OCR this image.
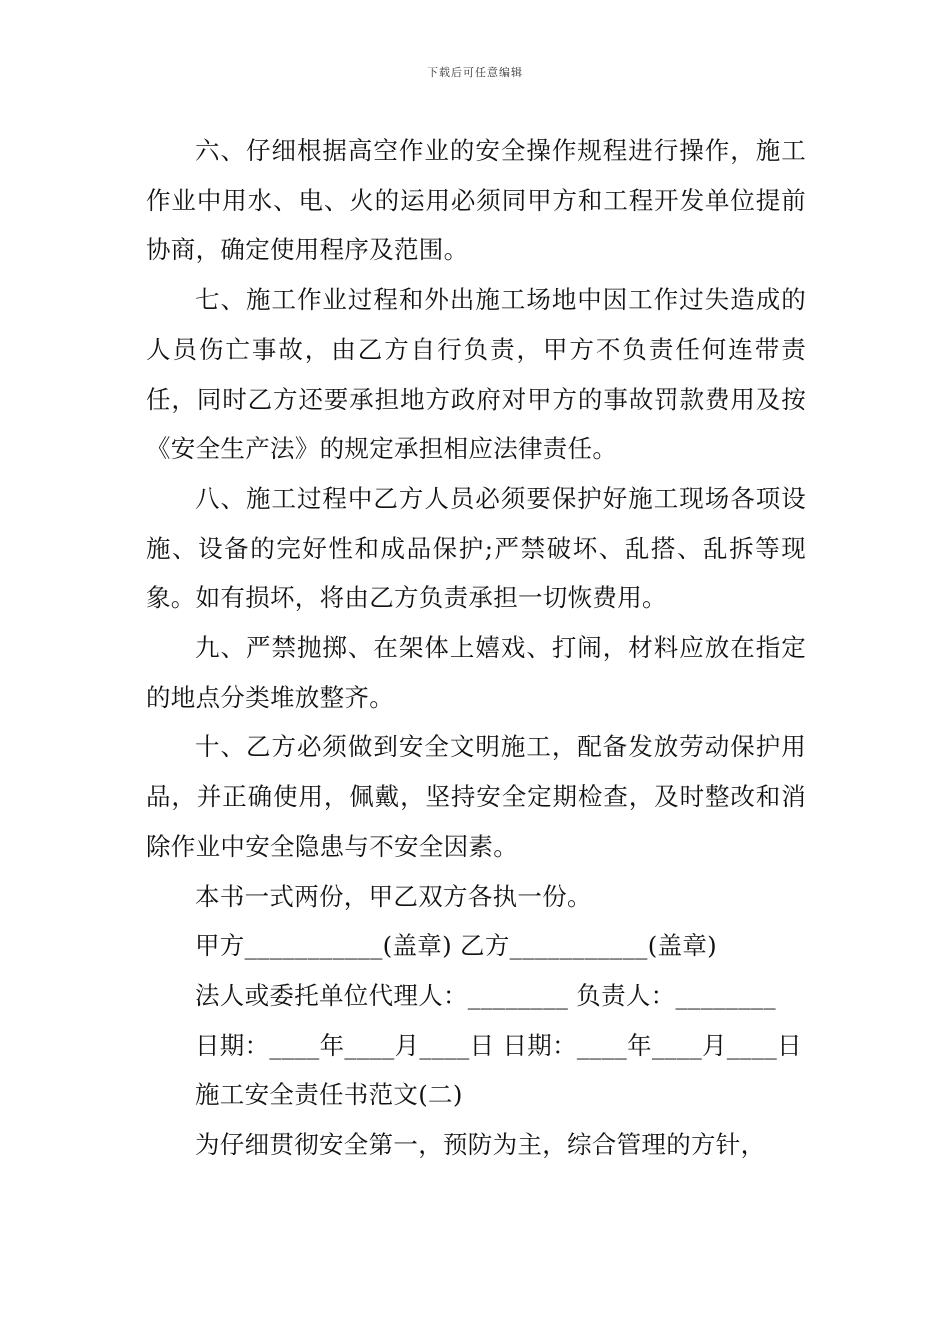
下载后可任意编辑

六、仔细根据高空作业的安全操作规程进行操作，施工作业中用水、电、火的运用必须同甲方和工程开发单位提前协商，确定使用程序及范围。

七、施工作业过程和外出施工场地中因工作过失造成的人员伤亡事故，由乙方自行负责，甲方不负责任何连带责任，同时乙方还要承担地方政府对甲方的事故罚款费用及按《安全生产法》的规定承担相应法律责任。

八、施工过程中乙方人员必须要保护好施工现场各项设施、设备的完好性和成品保护;严禁破坏、乱搭、乱拆等现象。如有损坏，将由乙方负责承担一切恢费用。

九、严禁抛掷、在架体上嬉戏、打闹，材料应放在指定的地点分类堆放整齐。

十、乙方必须做到安全文明施工，配备发放劳动保护用品，并正确使用，佩戴，坚持安全定期检查，及时整改和消除作业中安全隐患与不安全因素。

本书一式两份，甲乙双方各执一份。

甲方___________(盖章) 乙方___________(盖章)

法人或委托单位代理人：________ 负责人：________

日期：____年____月____日 日期：____年____月____日

施工安全责任书范文(二)

为仔细贯彻安全第一，预防为主，综合管理的方针，
